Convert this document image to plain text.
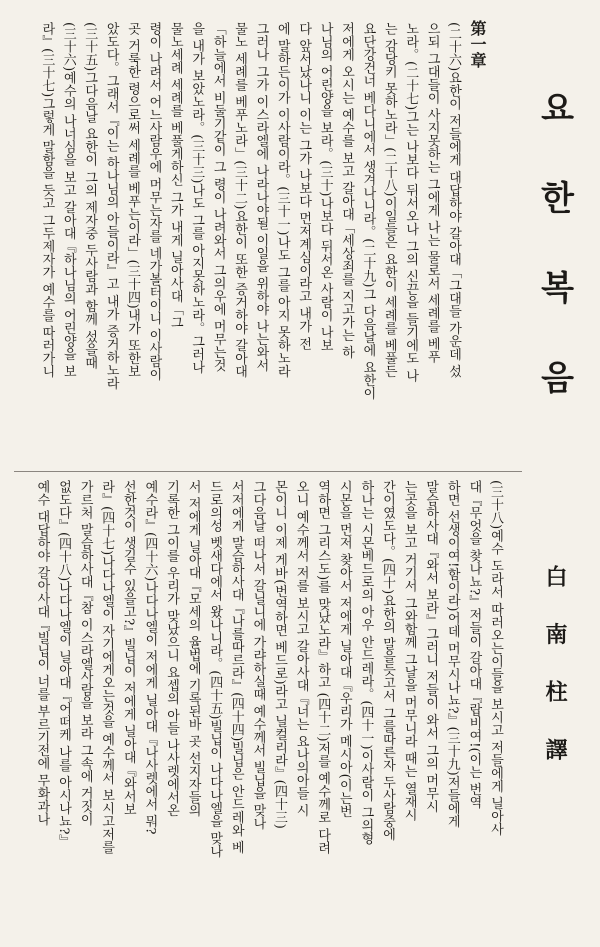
요 한 복 음
白 南 柱 譯
第一章
(二十六)요한이 저들에게 대답하야 갈아대「그대들 가운데 섰
으되 그대들이 사지못하는 그에게 나는 물로서 세례를 베푸
노라。(二十七)그는 나보다 뒤서오나 그의 신끈을 들기에도 나
는 감당키 못하노라」(二十八)이일들은 요한이 세례를 베풀든
요단강건너 베다니에서 생겨나니라。(二十九)그 다음날에 요한이
저에게 오시는 예수를 보고 갈아대「세상죄를 지고가는 하
나님의 어린양을 보라。(三十)나보다 뒤서온 사람이 나보
다 앞서났나니 이는 그가 나보다 먼저계심이라고 내가 전
에 말하든이가 이사람이라。(三十一)나도 그를 아지 못하노라
그러나 그가 이스라엘에 나라나야될 이일을 위하야 나는와서
물노 세례를 베푸노라」(三十二)요한이 또한 증거하야 갈아대
「하늘에서 비둘기같이 그 령이 나려와서 그의우에 머무는것
을 내가 보았노라。(三十三)나도 그를 아지못하노라。그러나
물노세례 세례를 베풀게하신 그가 내게 닐아사대「그
령이 나려서 어느사람우에 머무는자를 네가볼터이니 이사람이
곳 거룩한 령으로써 세례를 베푸는이라」(三十四)내가 또한보
았도다。그래서『이는 하나님의 아들이라』고 내가 증거하노라
(三十五)그다음날 요한이 그의 제자중 두사람과 함께 섰을때
(三十六)예수의 나너심을 보고 갈아대『하나님의 어린양을 보
라』(三十七)그렇게 말함을 듯고 그두제자가 예수를 따러가니
(三十八)예수 도라서 따러오는이들을 보시고 저들에게 닐아사
대『무엇을 찾나뇨?』저들이 갈아대『랍비여!(이는 번역
하면 선생이여!함이라)어데 머무시나뇨?』(三十九)저들에게
말슴하사대『와서 보라』그러니 저들이 와서 그의 머무시
는곳을 보고 거기서 그와함께 그날을 머무니라 때는 열재시
간이였도다。(四十)요한의 말을듯고서 그를따른자 두사람중에
하나는 시몬베드로의 아우 안드레라。(四十一)이사람이 그의형
시몬을 먼저 찾아서 저에게 닐아대『우리가 메시아(이는번
역하면 그리스도)를 맞났노라』하고 (四十二)저를 예수께로 다려
오니 예수께서 저를 보시고 갈아사대『너는 요나의아들 시
몬이니 이제 게바(번역하면 베드로)라고 닐컬리라』(四十三)
그다음날 떠나서 갈닐니에 가랴하실때 예수께서 빌닙을 맞나
서저에게 말슴하사대『나를따르라』(四十四)빌닙은 안드레와 베
드로의성 벳새다에서 왔나니라。(四十五)빌닙이 나다나엘을 맞나
서 저에게 닐아대『모세의 율법에 기록된바 곳 선지자들의
기록한 그이를 우리가 맞났으니 요셉의 아들 나사렛에서온
예수라』(四十六)나다나엘이 저에게 닐아대『나사렛에서 뭐?
선한것이 생길수 있을고?』빌닙이 저에게 닐아대『와서보
라』(四十七)나다나엘이 자기에게오는것을 예수께서 보시고저를
가르처 말슴하사대『참 이스라엘사람을 보라 그속에 거짓이
없도다』(四十八)나다나엘이 닐아대『어떠케 나를 아시나뇨?』
예수 대답하야 갈아사대『빌닙이 너를 부르기전에 무화과나
